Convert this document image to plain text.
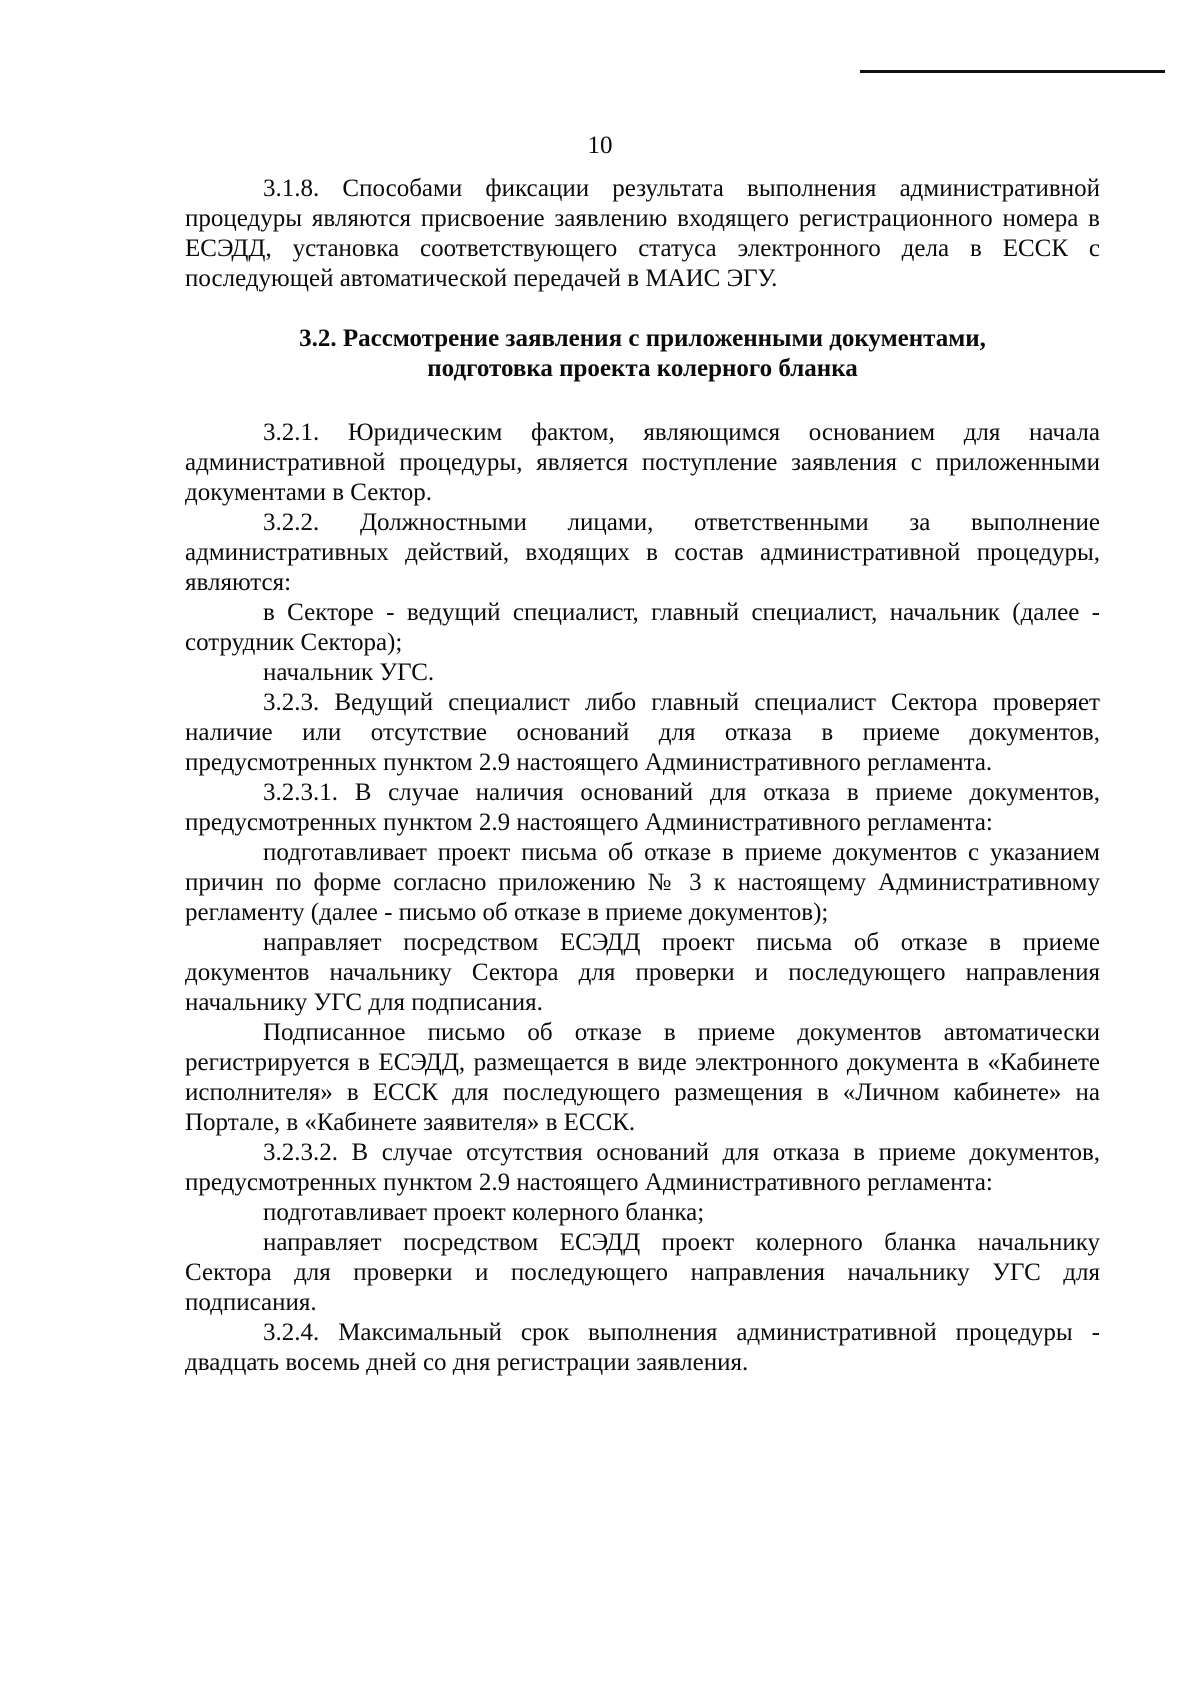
10

3.1.8. Способами фиксации результата выполнения административной процедуры являются присвоение заявлению входящего регистрационного номера в ЕСЭДД, установка соответствующего статуса электронного дела в ЕССК с последующей автоматической передачей в МАИС ЭГУ.

3.2. Рассмотрение заявления с приложенными документами,
подготовка проекта колерного бланка

3.2.1. Юридическим фактом, являющимся основанием для начала административной процедуры, является поступление заявления с приложенными документами в Сектор.

3.2.2. Должностными лицами, ответственными за выполнение административных действий, входящих в состав административной процедуры, являются:

в Секторе - ведущий специалист, главный специалист, начальник (далее - сотрудник Сектора);

начальник УГС.

3.2.3. Ведущий специалист либо главный специалист Сектора проверяет наличие или отсутствие оснований для отказа в приеме документов, предусмотренных пунктом 2.9 настоящего Административного регламента.

3.2.3.1. В случае наличия оснований для отказа в приеме документов, предусмотренных пунктом 2.9 настоящего Административного регламента:

подготавливает проект письма об отказе в приеме документов с указанием причин по форме согласно приложению № 3 к настоящему Административному регламенту (далее - письмо об отказе в приеме документов);

направляет посредством ЕСЭДД проект письма об отказе в приеме документов начальнику Сектора для проверки и последующего направления начальнику УГС для подписания.

Подписанное письмо об отказе в приеме документов автоматически регистрируется в ЕСЭДД, размещается в виде электронного документа в «Кабинете исполнителя» в ЕССК для последующего размещения в «Личном кабинете» на Портале, в «Кабинете заявителя» в ЕССК.

3.2.3.2. В случае отсутствия оснований для отказа в приеме документов, предусмотренных пунктом 2.9 настоящего Административного регламента:

подготавливает проект колерного бланка;

направляет посредством ЕСЭДД проект колерного бланка начальнику Сектора для проверки и последующего направления начальнику УГС для подписания.

3.2.4. Максимальный срок выполнения административной процедуры - двадцать восемь дней со дня регистрации заявления.
